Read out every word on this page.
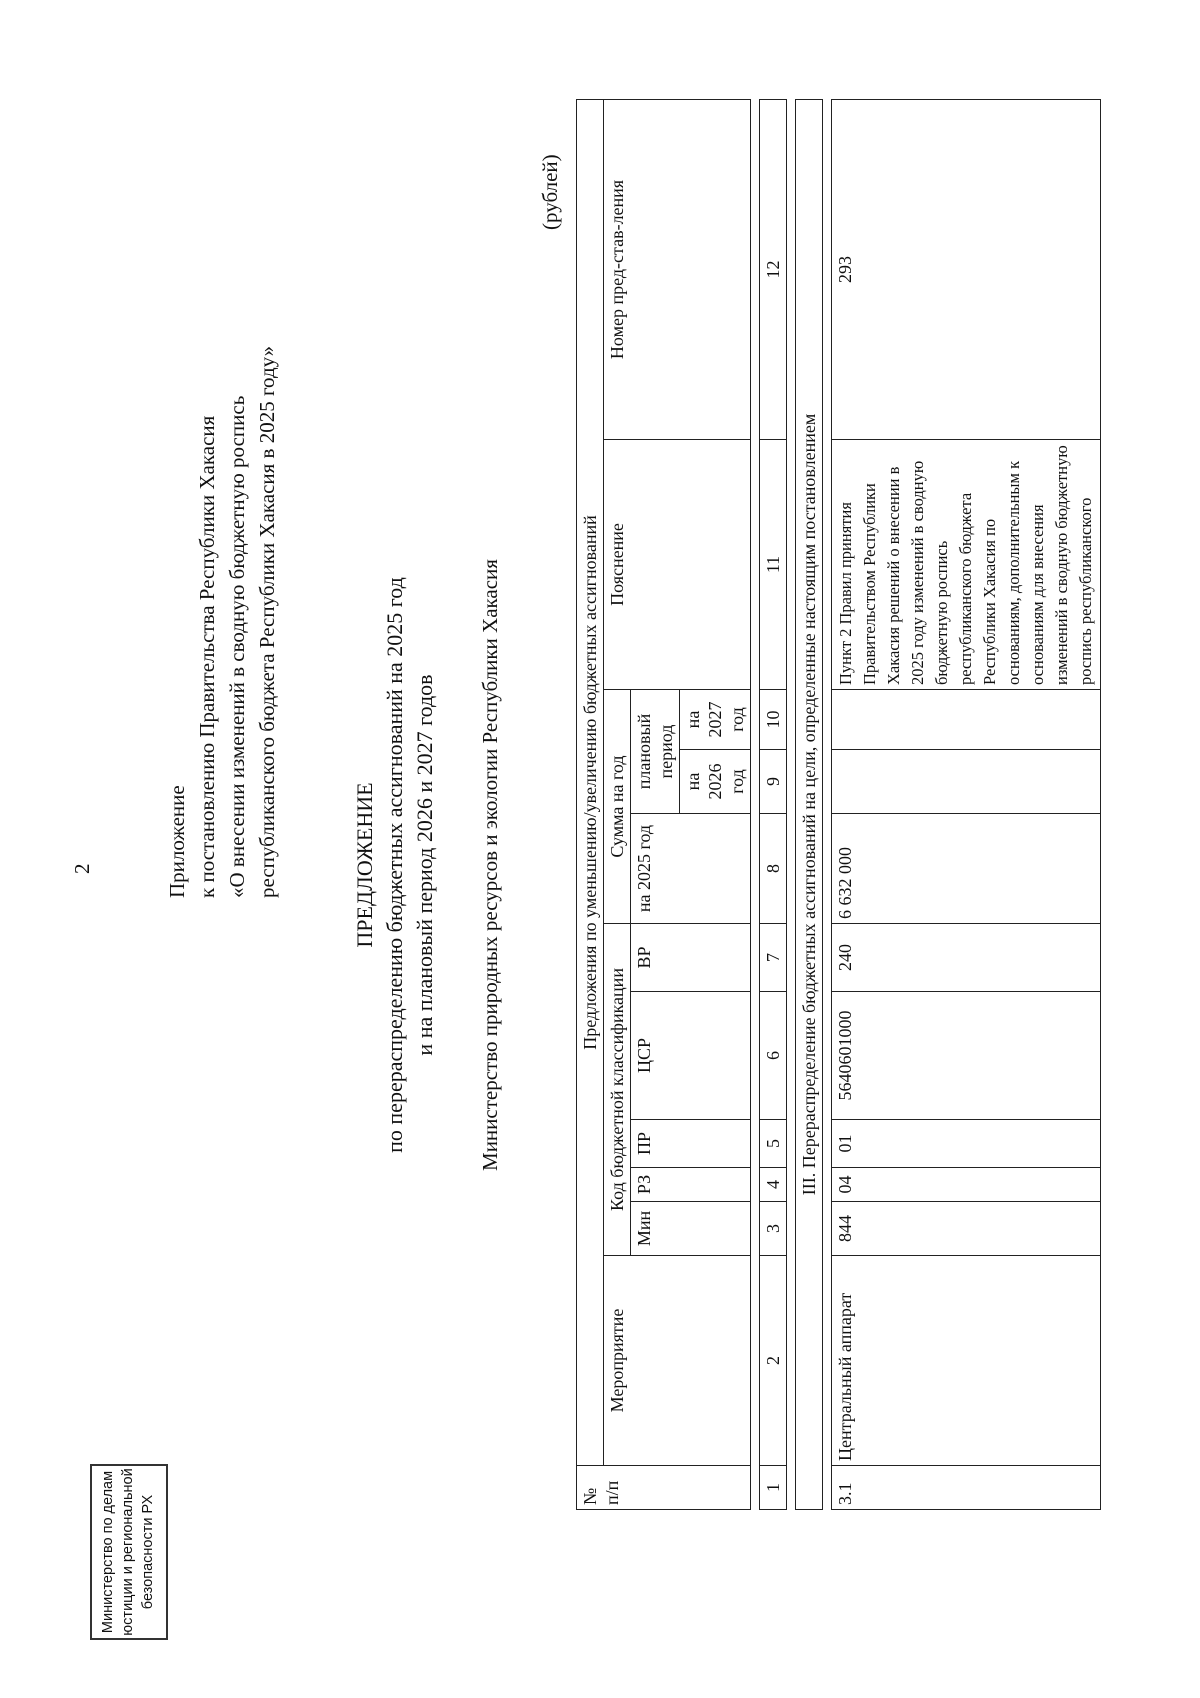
2	Приложение к постановлению Правительства Республики Хакасия «О внесении изменений в сводную бюджетную роспись республиканского бюджета Республики Хакасия в 2025 году»	ПРЕДЛОЖЕНИЕ по перераспределению бюджетных ассигнований на 2025 год и на плановый период 2026 и 2027 годов Министерство природных ресурсов и экологии Республики Хакасия
(рублей)
№ п/п	Предложения по уменьшению/увеличению бюджетных ассигнований										
	Мероприятие	Код бюджетной классификации					Сумма на год			Пояснение	Номер пред-став-ления
		Мин	РЗ	ПР	ЦСР	ВР	на 2025 год	плановый период			
								на 2026 год	на 2027 год		

1	2	3	4	5	6	7	8	9	10	11	12

III. Перераспределение бюджетных ассигнований на цели, определенные настоящим постановлением											

3.1	Центральный аппарат	844	04	01	5640601000	240	6 632 000			Пункт 2 Правил принятия Правительством Республики Хакасия решений о внесении в 2025 году изменений в сводную бюджетную роспись республиканского бюджета Республики Хакасия по основаниям, дополнительным к основаниям для внесения изменений в сводную бюджетную роспись республиканского	293
Министерство по делам юстиции и региональной безопасности РХ
